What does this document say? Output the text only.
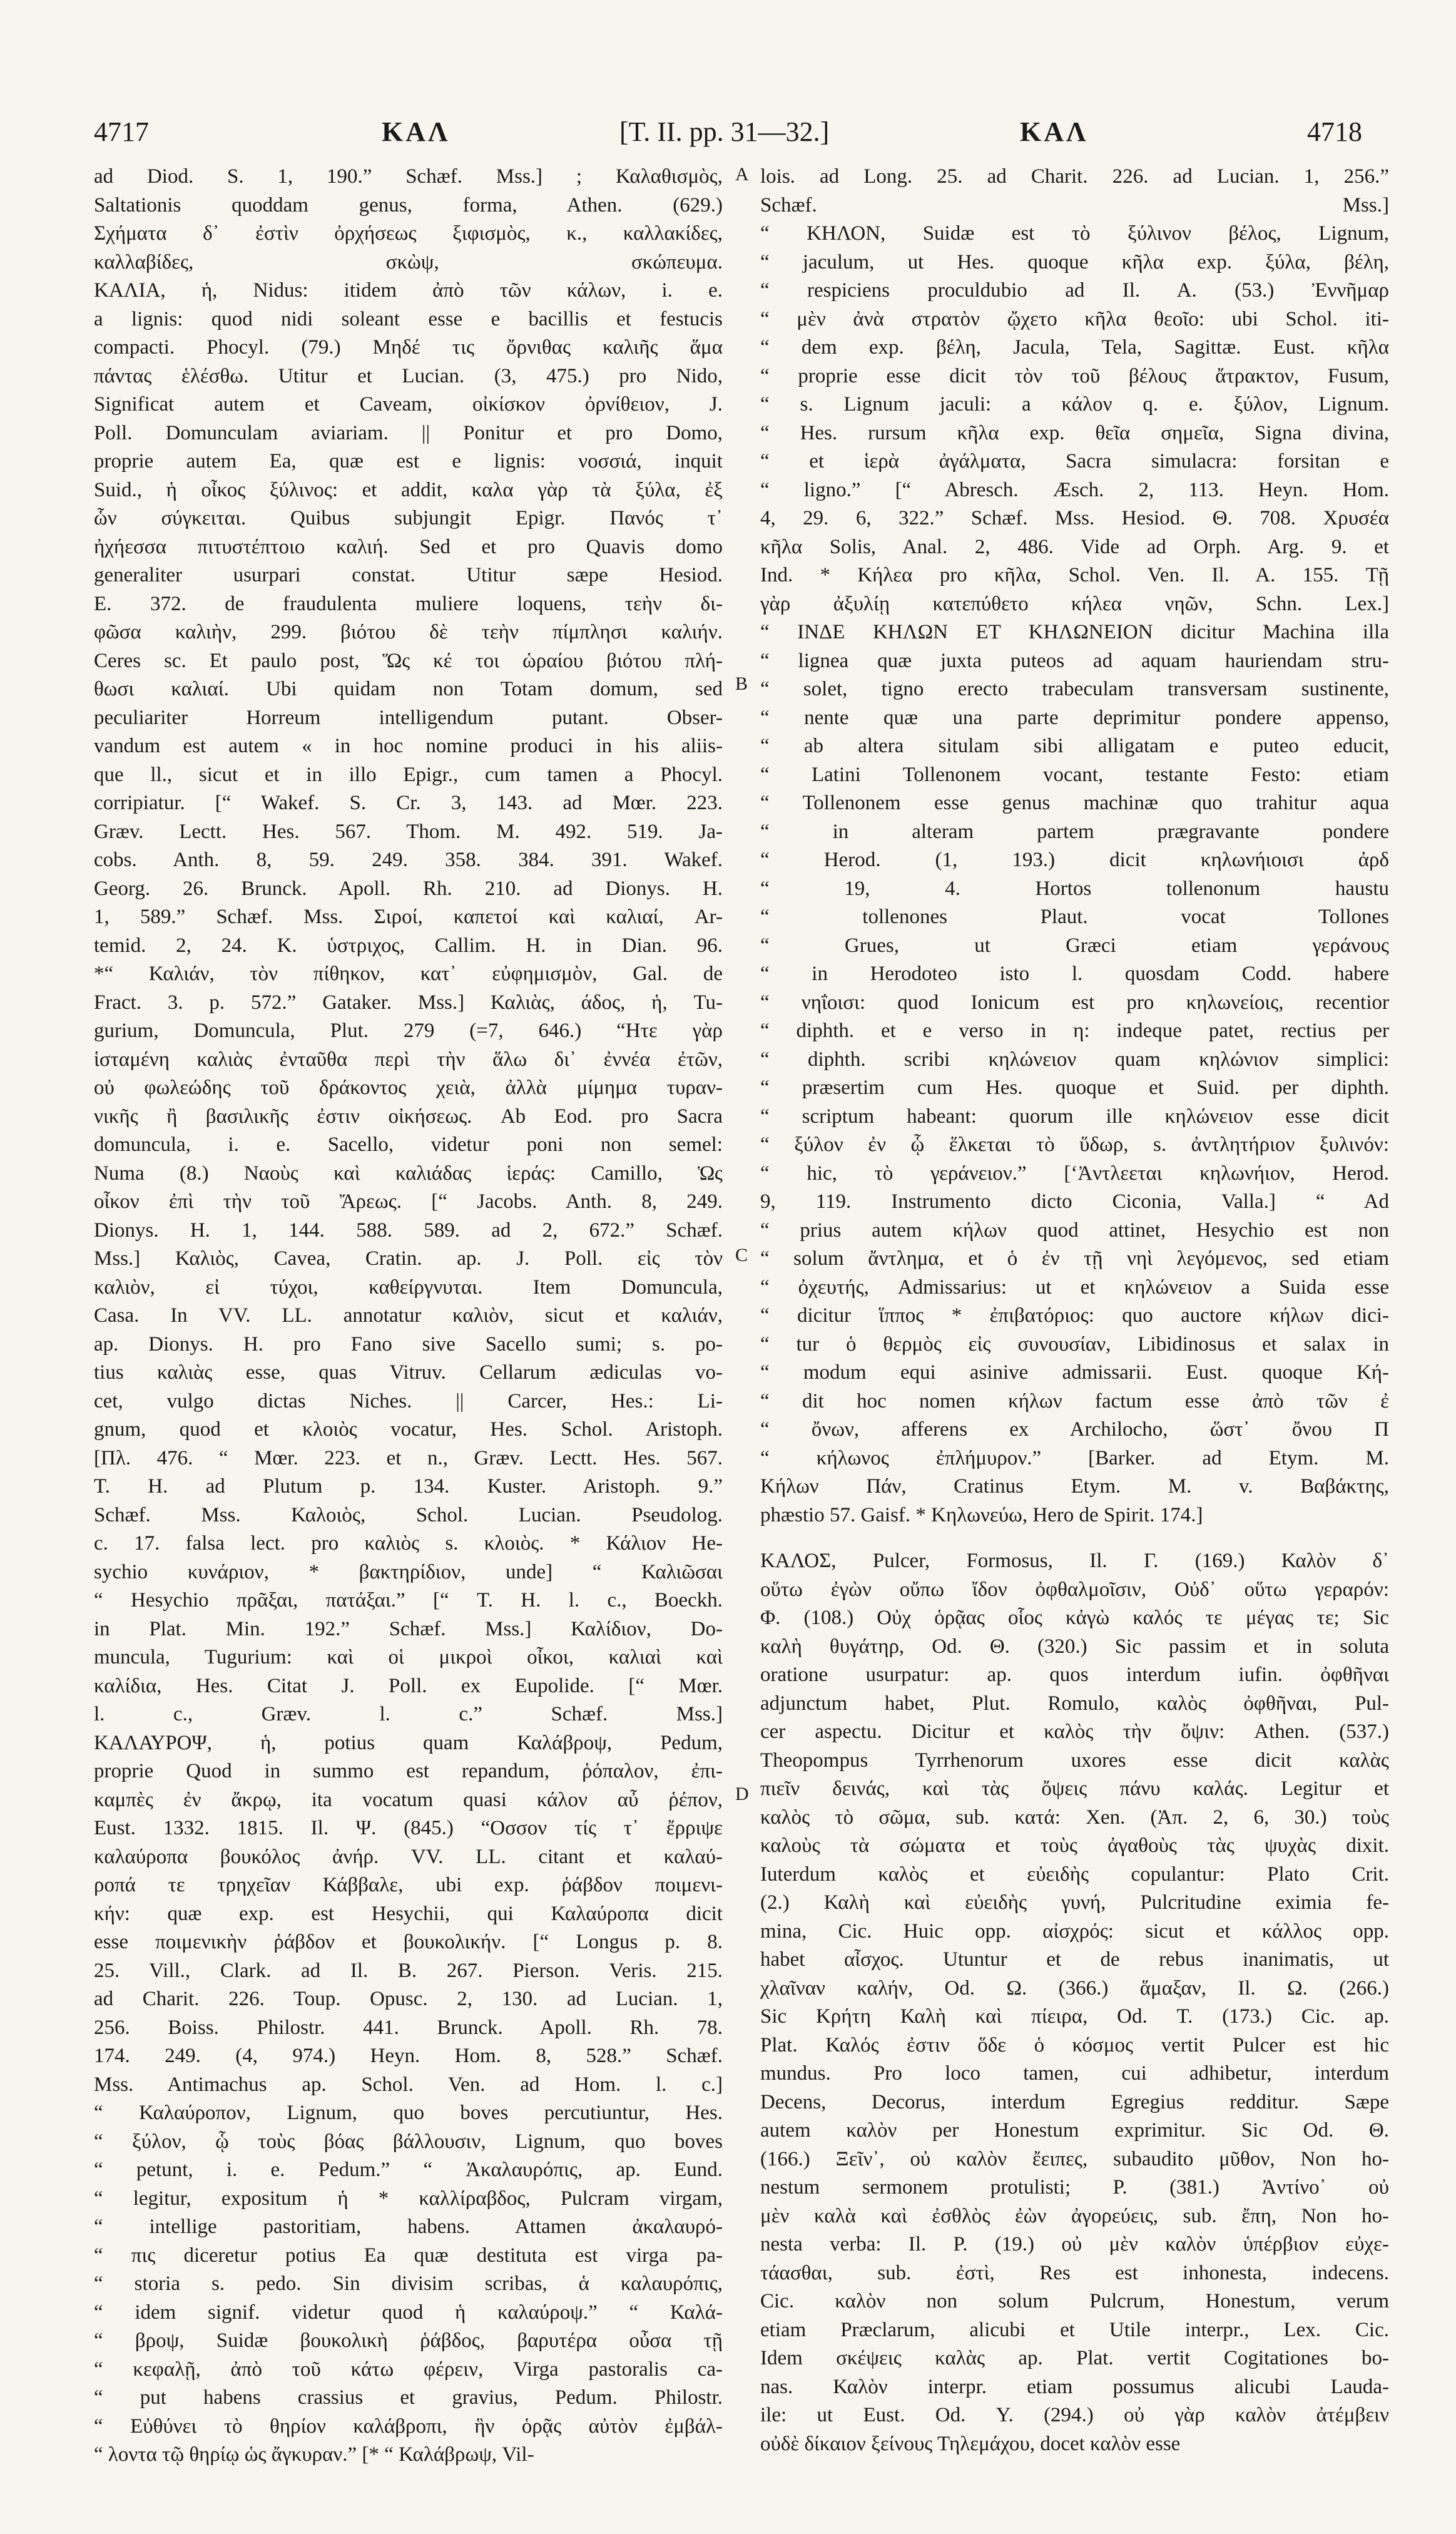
4717	ΚΑΛ	[T. II. pp. 31—32.]	ΚΑΛ	4718
A
B
C
D

ad Diod. S. 1, 190.” Schæf. Mss.] ; Καλαθισμὸς,

Saltationis quoddam genus, forma, Athen. (629.)

Σχήματα δ᾽ ἐστὶν ὀρχήσεως ξιφισμὸς, κ., καλλακίδες,

καλλαβίδες, σκὼψ, σκώπευμα.

ΚΑΛΙΑ, ἡ, Nidus: itidem ἀπὸ τῶν κάλων, i. e.

a lignis: quod nidi soleant esse e bacillis et festucis

compacti. Phocyl. (79.) Μηδέ τις ὄρνιθας καλιῆς ἅμα

πάντας ἑλέσθω. Utitur et Lucian. (3, 475.) pro Nido,

Significat autem et Caveam, οἰκίσκον ὀρνίθειον, J.

Poll. Domunculam aviariam. || Ponitur et pro Domo,

proprie autem Ea, quæ est e lignis: νοσσιά, inquit

Suid., ἡ οἶκος ξύλινος: et addit, καλα γὰρ τὰ ξύλα, ἐξ

ὧν σύγκειται. Quibus subjungit Epigr. Πανός τ᾽

ἠχήεσσα πιτυστέπτοιο καλιή. Sed et pro Quavis domo

generaliter usurpari constat. Utitur sæpe Hesiod.

E. 372. de fraudulenta muliere loquens, τεὴν δι-

φῶσα καλιὴν, 299. βιότου δὲ τεὴν πίμπλησι καλιήν.

Ceres sc. Et paulo post, Ὥς κέ τοι ὡραίου βιότου πλή-

θωσι καλιαί. Ubi quidam non Totam domum, sed

peculiariter Horreum intelligendum putant. Obser-

vandum est autem « in hoc nomine produci in his aliis-

que ll., sicut et in illo Epigr., cum tamen a Phocyl.

corripiatur. [“ Wakef. S. Cr. 3, 143. ad Mœr. 223.

Græv. Lectt. Hes. 567. Thom. M. 492. 519. Ja-

cobs. Anth. 8, 59. 249. 358. 384. 391. Wakef.

Georg. 26. Brunck. Apoll. Rh. 210. ad Dionys. H.

1, 589.” Schæf. Mss. Σιροί, καπετοί καὶ καλιαί, Ar-

temid. 2, 24. K. ὑστριχος, Callim. H. in Dian. 96.

*“ Καλιάν, τὸν πίθηκον, κατ᾽ εὐφημισμὸν, Gal. de

Fract. 3. p. 572.” Gataker. Mss.] Καλιὰς, άδος, ἡ, Tu-

gurium, Domuncula, Plut. 279 (=7, 646.) “Ητε γὰρ

ἱσταμένη καλιὰς ἐνταῦθα περὶ τὴν ἅλω δι᾽ ἐννέα ἐτῶν,

οὐ φωλεώδης τοῦ δράκοντος χειὰ, ἀλλὰ μίμημα τυραν-

νικῆς ἢ βασιλικῆς ἐστιν οἰκήσεως. Ab Eod. pro Sacra

domuncula, i. e. Sacello, videtur poni non semel:

Numa (8.) Ναοὺς καὶ καλιάδας ἱεράς: Camillo, Ὡς

οἶκον ἐπὶ τὴν τοῦ Ἄρεως. [“ Jacobs. Anth. 8, 249.

Dionys. H. 1, 144. 588. 589. ad 2, 672.” Schæf.

Mss.] Καλιὸς, Cavea, Cratin. ap. J. Poll. εἰς τὸν

καλιὸν, εἰ τύχοι, καθείργνυται. Item Domuncula,

Casa. In VV. LL. annotatur καλιὸν, sicut et καλιάν,

ap. Dionys. H. pro Fano sive Sacello sumi; s. po-

tius καλιὰς esse, quas Vitruv. Cellarum ædiculas vo-

cet, vulgo dictas Niches. || Carcer, Hes.: Li-

gnum, quod et κλοιὸς vocatur, Hes. Schol. Aristoph.

[Πλ. 476. “ Mœr. 223. et n., Græv. Lectt. Hes. 567.

T. H. ad Plutum p. 134. Kuster. Aristoph. 9.”

Schæf. Mss. Καλοιὸς, Schol. Lucian. Pseudolog.

c. 17. falsa lect. pro καλιὸς s. κλοιὸς. * Κάλιον He-

sychio κυνάριον, * βακτηρίδιον, unde] “ Καλιῶσαι

“ Hesychio πρᾶξαι, πατάξαι.” [“ T. H. l. c., Boeckh.

in Plat. Min. 192.” Schæf. Mss.] Καλίδιον, Do-

muncula, Tugurium: καὶ οἱ μικροὶ οἶκοι, καλιαὶ καὶ

καλίδια, Hes. Citat J. Poll. ex Eupolide. [“ Mœr.

l. c., Græv. l. c.” Schæf. Mss.]

ΚΑΛΑΥΡΟΨ, ἡ, potius quam Καλάβροψ, Pedum,

proprie Quod in summo est repandum, ῥόπαλον, ἐπι-

καμπὲς ἐν ἄκρῳ, ita vocatum quasi κάλον αὖ ῥέπον,

Eust. 1332. 1815. Il. Ψ. (845.) “Οσσον τίς τ᾽ ἔρριψε

καλαύροπα βουκόλος ἀνήρ. VV. LL. citant et καλαύ-

ροπά τε τρηχεῖαν Κάββαλε, ubi exp. ῥάβδον ποιμενι-

κήν: quæ exp. est Hesychii, qui Καλαύροπα dicit

esse ποιμενικὴν ῥάβδον et βουκολικήν. [“ Longus p. 8.

25. Vill., Clark. ad Il. B. 267. Pierson. Veris. 215.

ad Charit. 226. Toup. Opusc. 2, 130. ad Lucian. 1,

256. Boiss. Philostr. 441. Brunck. Apoll. Rh. 78.

174. 249. (4, 974.) Heyn. Hom. 8, 528.” Schæf.

Mss. Antimachus ap. Schol. Ven. ad Hom. l. c.]

“ Καλαύροπον, Lignum, quo boves percutiuntur, Hes.

“ ξύλον, ᾧ τοὺς βόας βάλλουσιν, Lignum, quo boves

“ petunt, i. e. Pedum.” “ Ἀκαλαυρόπις, ap. Eund.

“ legitur, expositum ἡ * καλλίραβδος, Pulcram virgam,

“ intellige pastoritiam, habens. Attamen ἀκαλαυρό-

“ πις diceretur potius Ea quæ destituta est virga pa-

“ storia s. pedo. Sin divisim scribas, ἁ καλαυρόπις,

“ idem signif. videtur quod ἡ καλαύροψ.” “ Καλά-

“ βροψ, Suidæ βουκολικὴ ῥάβδος, βαρυτέρα οὖσα τῇ

“ κεφαλῇ, ἀπὸ τοῦ κάτω φέρειν, Virga pastoralis ca-

“ put habens crassius et gravius, Pedum. Philostr.

“ Εὐθύνει τὸ θηρίον καλάβροπι, ἣν ὁρᾷς αὐτὸν ἐμβάλ-

“ λοντα τῷ θηρίῳ ὡς ἄγκυραν.” [* “ Καλάβρωψ, Vil-

lois. ad Long. 25. ad Charit. 226. ad Lucian. 1, 256.”

Schæf. Mss.]

“ ΚΗΛΟΝ, Suidæ est τὸ ξύλινον βέλος, Lignum,

“ jaculum, ut Hes. quoque κῆλα exp. ξύλα, βέλη,

“ respiciens proculdubio ad Il. A. (53.) Ἐννῆμαρ

“ μὲν ἀνὰ στρατὸν ᾤχετο κῆλα θεοῖο: ubi Schol. iti-

“ dem exp. βέλη, Jacula, Tela, Sagittæ. Eust. κῆλα

“ proprie esse dicit τὸν τοῦ βέλους ἄτρακτον, Fusum,

“ s. Lignum jaculi: a κάλον q. e. ξύλον, Lignum.

“ Hes. rursum κῆλα exp. θεῖα σημεῖα, Signa divina,

“ et ἱερὰ ἀγάλματα, Sacra simulacra: forsitan e

“ ligno.” [“ Abresch. Æsch. 2, 113. Heyn. Hom.

4, 29. 6, 322.” Schæf. Mss. Hesiod. Θ. 708. Χρυσέα

κῆλα Solis, Anal. 2, 486. Vide ad Orph. Arg. 9. et

Ind. * Κήλεα pro κῆλα, Schol. Ven. Il. A. 155. Τῇ

γὰρ ἀξυλίῃ κατεπύθετο κήλεα νηῶν, Schn. Lex.]

“ ΙΝΔΕ ΚΗΛΩΝ ΕΤ ΚΗΛΩΝΕΙΟΝ dicitur Machina illa

“ lignea quæ juxta puteos ad aquam hauriendam stru-

“ solet, tigno erecto trabeculam transversam sustinente,

“ nente quæ una parte deprimitur pondere appenso,

“ ab altera situlam sibi alligatam e puteo educit,

“ Latini Tollenonem vocant, testante Festo: etiam

“ Tollenonem esse genus machinæ quo trahitur aqua

“ in alteram partem prægravante pondere

“ Herod. (1, 193.) dicit κηλωνήιοισι ἀρδ

“ 19, 4. Hortos tollenonum haustu

“ tollenones Plaut. vocat Tollones

“ Grues, ut Græci etiam γεράνους

“ in Herodoteo isto l. quosdam Codd. habere

“ νηΐοισι: quod Ionicum est pro κηλωνείοις, recentior

“ diphth. et e verso in η: indeque patet, rectius per

“ diphth. scribi κηλώνειον quam κηλώνιον simplici:

“ præsertim cum Hes. quoque et Suid. per diphth.

“ scriptum habeant: quorum ille κηλώνειον esse dicit

“ ξύλον ἐν ᾧ ἕλκεται τὸ ὕδωρ, s. ἀντλητήριον ξυλινόν:

“ hic, τὸ γεράνειον.” [‘Ἀντλεεται κηλωνήιον, Herod.

9, 119. Instrumento dicto Ciconia, Valla.] “ Ad

“ prius autem κήλων quod attinet, Hesychio est non

“ solum ἄντλημα, et ὁ ἐν τῇ νηὶ λεγόμενος, sed etiam

“ ὀχευτής, Admissarius: ut et κηλώνειον a Suida esse

“ dicitur ἵππος * ἐπιβατόριος: quo auctore κήλων dici-

“ tur ὁ θερμὸς εἰς συνουσίαν, Libidinosus et salax in

“ modum equi asinive admissarii. Eust. quoque Κή-

“ dit hoc nomen κήλων factum esse ἀπὸ τῶν ἐ

“ ὄνων, afferens ex Archilocho, ὥστ᾽ ὄνου Π

“ κήλωνος ἐπλήμυρον.” [Barker. ad Etym. M.

Κήλων Πάν, Cratinus Etym. M. v. Βαβάκτης,

phæstio 57. Gaisf. * Κηλωνεύω, Hero de Spirit. 174.]

ΚΑΛΟΣ, Pulcer, Formosus, Il. Γ. (169.) Καλὸν δ᾽

οὕτω ἐγὼν οὔπω ἴδον ὀφθαλμοῖσιν, Οὐδ᾽ οὕτω γεραρόν:

Φ. (108.) Οὐχ ὁρᾷας οἷος κἀγὼ καλός τε μέγας τε; Sic

καλὴ θυγάτηρ, Od. Θ. (320.) Sic passim et in soluta

oratione usurpatur: ap. quos interdum iufin. ὀφθῆναι

adjunctum habet, Plut. Romulo, καλὸς ὀφθῆναι, Pul-

cer aspectu. Dicitur et καλὸς τὴν ὄψιν: Athen. (537.)

Theopompus Tyrrhenorum uxores esse dicit καλὰς

πιεῖν δεινάς, καὶ τὰς ὄψεις πάνυ καλάς. Legitur et

καλὸς τὸ σῶμα, sub. κατά: Xen. (Ἀπ. 2, 6, 30.) τοὺς

καλοὺς τὰ σώματα et τοὺς ἀγαθοὺς τὰς ψυχὰς dixit.

Iuterdum καλὸς et εὐειδὴς copulantur: Plato Crit.

(2.) Καλὴ καὶ εὐειδὴς γυνή, Pulcritudine eximia fe-

mina, Cic. Huic opp. αἰσχρός: sicut et κάλλος opp.

habet αἶσχος. Utuntur et de rebus inanimatis, ut

χλαῖναν καλήν, Od. Ω. (366.) ἅμαξαν, Il. Ω. (266.)

Sic Κρήτη Καλὴ καὶ πίειρα, Od. Τ. (173.) Cic. ap.

Plat. Καλός ἐστιν ὅδε ὁ κόσμος vertit Pulcer est hic

mundus. Pro loco tamen, cui adhibetur, interdum

Decens, Decorus, interdum Egregius redditur. Sæpe

autem καλὸν per Honestum exprimitur. Sic Od. Θ.

(166.) Ξεῖν᾽, οὐ καλὸν ἔειπες, subaudito μῦθον, Non ho-

nestum sermonem protulisti; P. (381.) Ἀντίνο᾽ οὐ

μὲν καλὰ καὶ ἐσθλὸς ἐὼν ἀγορεύεις, sub. ἔπη, Non ho-

nesta verba: Il. P. (19.) οὐ μὲν καλὸν ὑπέρβιον εὐχε-

τάασθαι, sub. ἐστὶ, Res est inhonesta, indecens.

Cic. καλὸν non solum Pulcrum, Honestum, verum

etiam Præclarum, alicubi et Utile interpr., Lex. Cic.

Idem σκέψεις καλὰς ap. Plat. vertit Cogitationes bo-

nas. Καλὸν interpr. etiam possumus alicubi Lauda-

ile: ut Eust. Od. Υ. (294.) οὐ γὰρ καλὸν ἀτέμβειν

οὐδὲ δίκαιον ξείνους Τηλεμάχου, docet καλὸν esse
